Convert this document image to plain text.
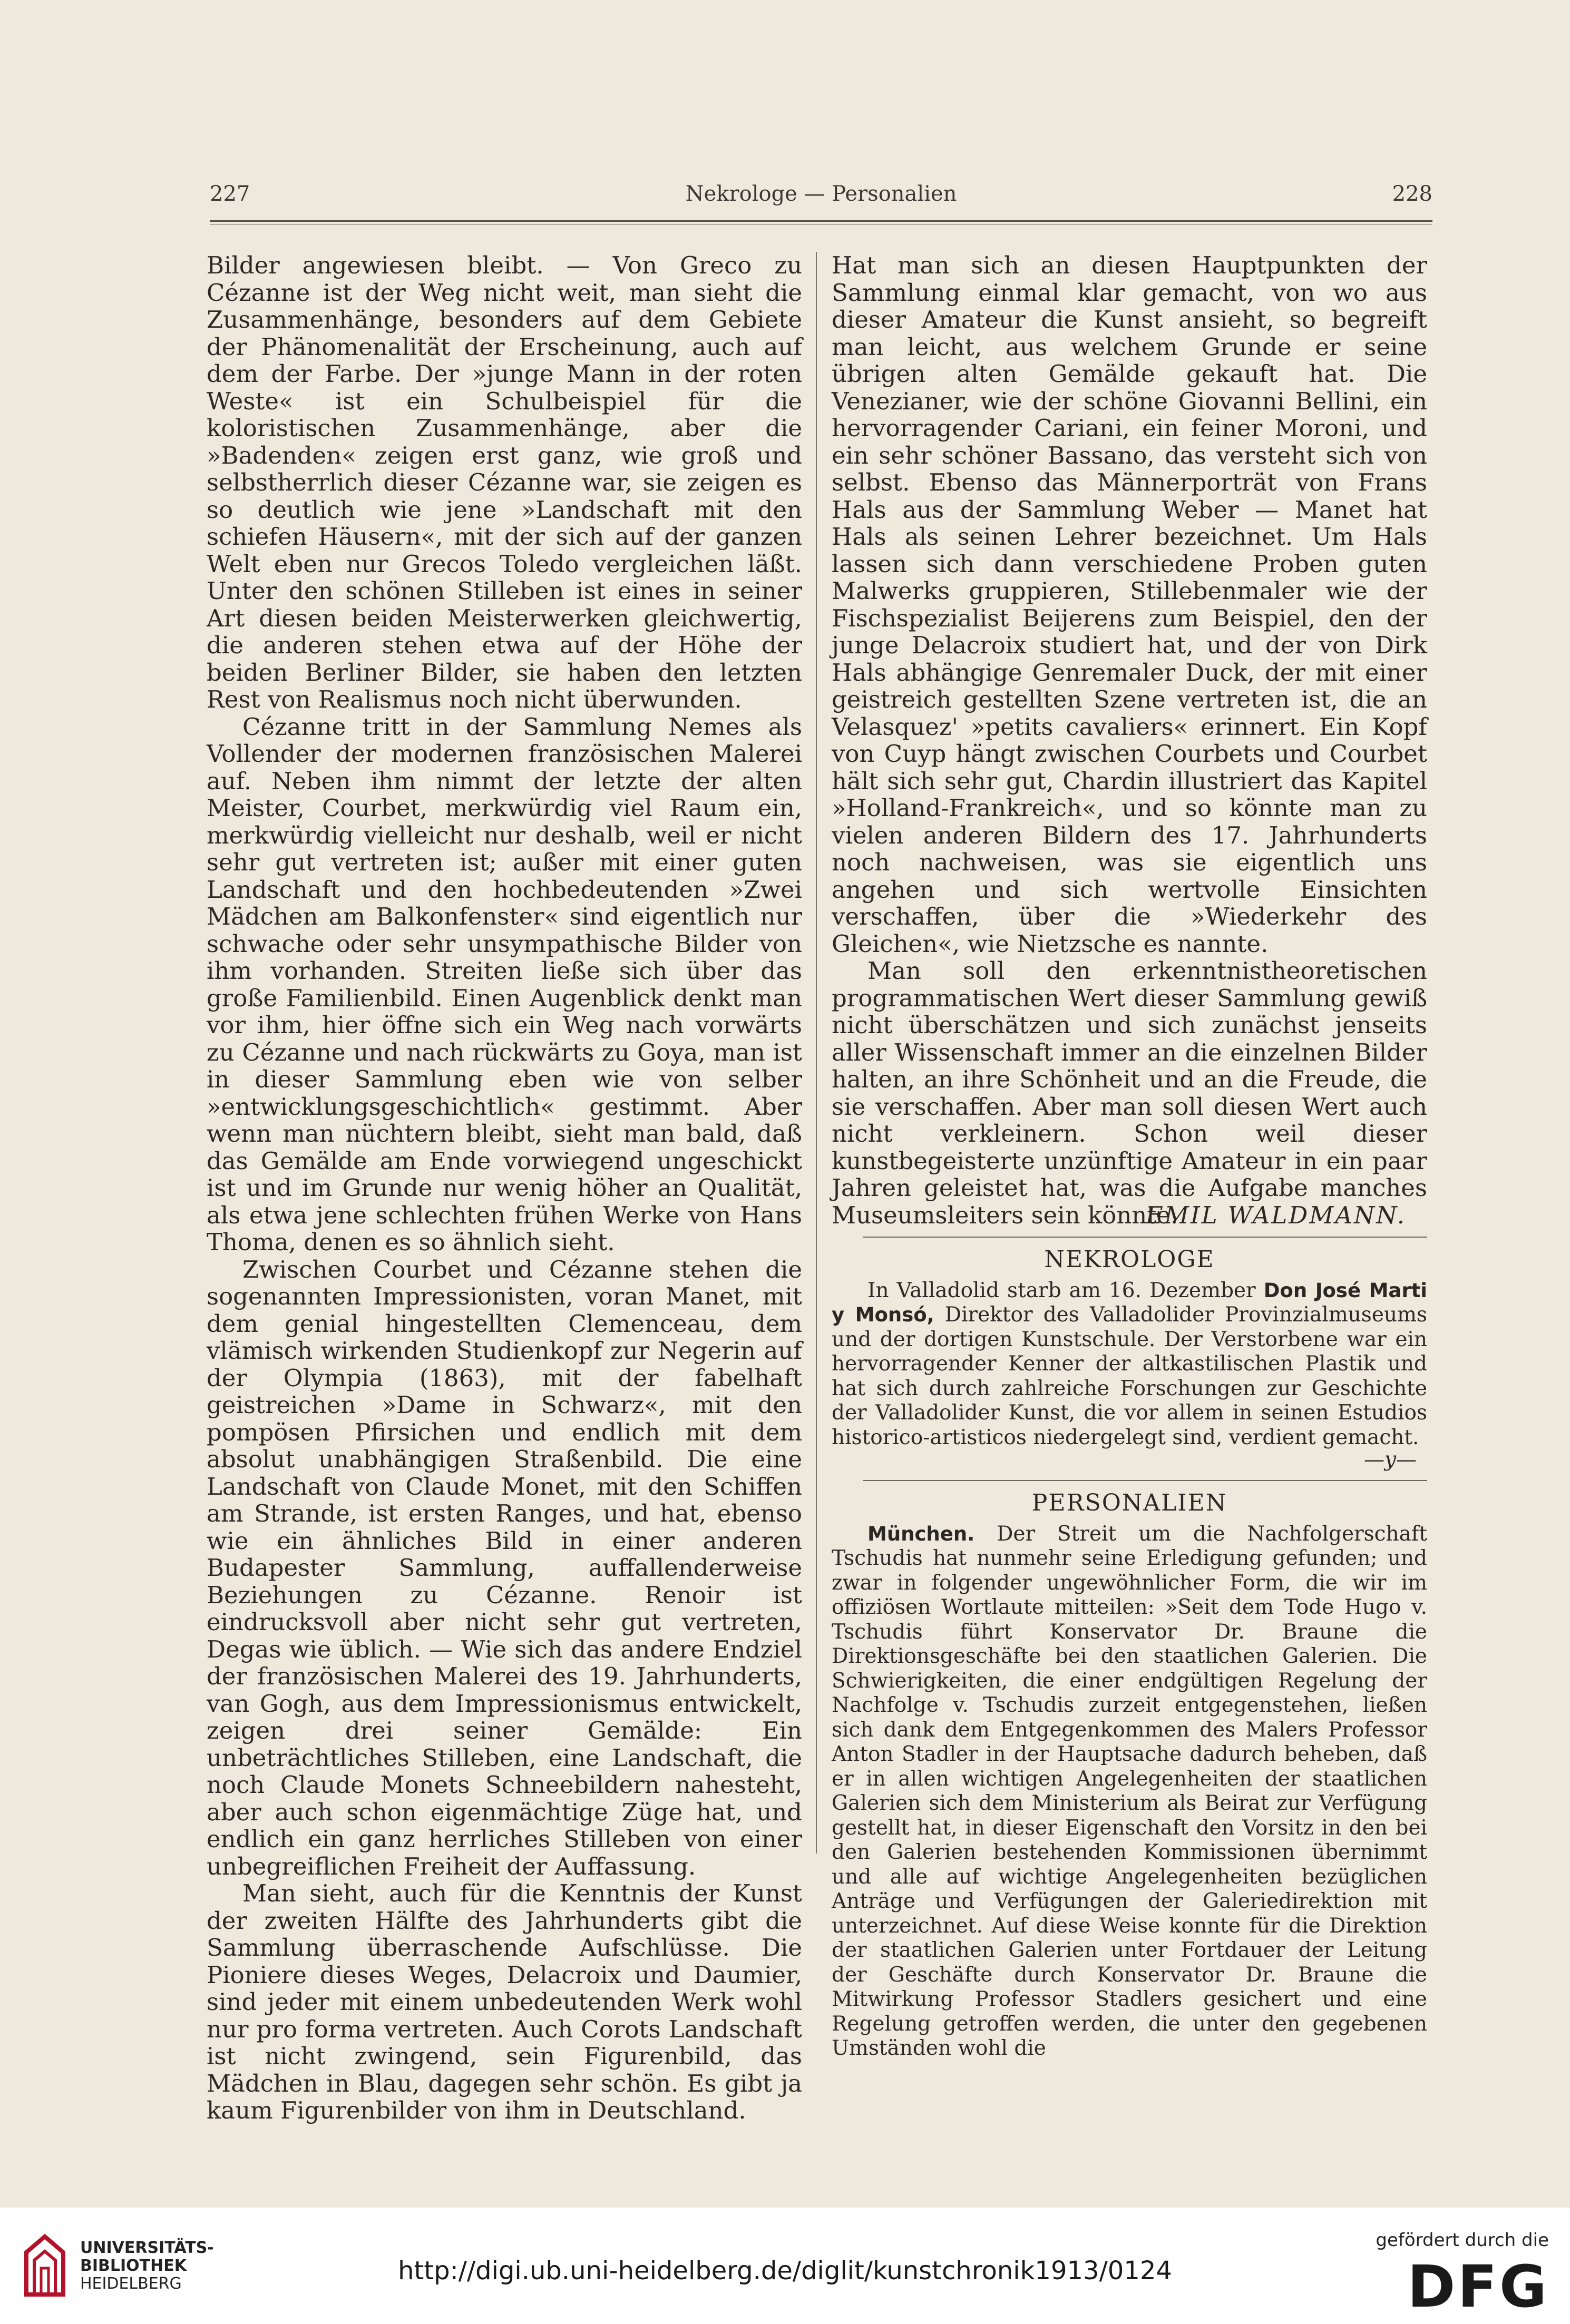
227	Nekrologe — Personalien	228

Bilder angewiesen bleibt. — Von Greco zu Cézanne ist der Weg nicht weit, man sieht die Zusammenhänge, besonders auf dem Gebiete der Phänomenalität der Erscheinung, auch auf dem der Farbe. Der »junge Mann in der roten Weste« ist ein Schulbeispiel für die koloristischen Zusammenhänge, aber die »Badenden« zeigen erst ganz, wie groß und selbstherrlich dieser Cézanne war, sie zeigen es so deutlich wie jene »Landschaft mit den schiefen Häusern«, mit der sich auf der ganzen Welt eben nur Grecos Toledo vergleichen läßt. Unter den schönen Stilleben ist eines in seiner Art diesen beiden Meisterwerken gleichwertig, die anderen stehen etwa auf der Höhe der beiden Berliner Bilder, sie haben den letzten Rest von Realismus noch nicht überwunden.

Cézanne tritt in der Sammlung Nemes als Vollender der modernen französischen Malerei auf. Neben ihm nimmt der letzte der alten Meister, Courbet, merkwürdig viel Raum ein, merkwürdig vielleicht nur deshalb, weil er nicht sehr gut vertreten ist; außer mit einer guten Landschaft und den hochbedeutenden »Zwei Mädchen am Balkonfenster« sind eigentlich nur schwache oder sehr unsympathische Bilder von ihm vorhanden. Streiten ließe sich über das große Familienbild. Einen Augenblick denkt man vor ihm, hier öffne sich ein Weg nach vorwärts zu Cézanne und nach rückwärts zu Goya, man ist in dieser Sammlung eben wie von selber »entwicklungsgeschichtlich« gestimmt. Aber wenn man nüchtern bleibt, sieht man bald, daß das Gemälde am Ende vorwiegend ungeschickt ist und im Grunde nur wenig höher an Qualität, als etwa jene schlechten frühen Werke von Hans Thoma, denen es so ähnlich sieht.

Zwischen Courbet und Cézanne stehen die sogenannten Impressionisten, voran Manet, mit dem genial hingestellten Clemenceau, dem vlämisch wirkenden Studienkopf zur Negerin auf der Olympia (1863), mit der fabelhaft geistreichen »Dame in Schwarz«, mit den pompösen Pfirsichen und endlich mit dem absolut unabhängigen Straßenbild. Die eine Landschaft von Claude Monet, mit den Schiffen am Strande, ist ersten Ranges, und hat, ebenso wie ein ähnliches Bild in einer anderen Budapester Sammlung, auffallenderweise Beziehungen zu Cézanne. Renoir ist eindrucksvoll aber nicht sehr gut vertreten, Degas wie üblich. — Wie sich das andere Endziel der französischen Malerei des 19. Jahrhunderts, van Gogh, aus dem Impressionismus entwickelt, zeigen drei seiner Gemälde: Ein unbeträchtliches Stilleben, eine Landschaft, die noch Claude Monets Schneebildern nahesteht, aber auch schon eigenmächtige Züge hat, und endlich ein ganz herrliches Stilleben von einer unbegreiflichen Freiheit der Auffassung.

Man sieht, auch für die Kenntnis der Kunst der zweiten Hälfte des Jahrhunderts gibt die Sammlung überraschende Aufschlüsse. Die Pioniere dieses Weges, Delacroix und Daumier, sind jeder mit einem unbedeutenden Werk wohl nur pro forma vertreten. Auch Corots Landschaft ist nicht zwingend, sein Figurenbild, das Mädchen in Blau, dagegen sehr schön. Es gibt ja kaum Figurenbilder von ihm in Deutschland.

Hat man sich an diesen Hauptpunkten der Sammlung einmal klar gemacht, von wo aus dieser Amateur die Kunst ansieht, so begreift man leicht, aus welchem Grunde er seine übrigen alten Gemälde gekauft hat. Die Venezianer, wie der schöne Giovanni Bellini, ein hervorragender Cariani, ein feiner Moroni, und ein sehr schöner Bassano, das versteht sich von selbst. Ebenso das Männerporträt von Frans Hals aus der Sammlung Weber — Manet hat Hals als seinen Lehrer bezeichnet. Um Hals lassen sich dann verschiedene Proben guten Malwerks gruppieren, Stillebenmaler wie der Fischspezialist Beijerens zum Beispiel, den der junge Delacroix studiert hat, und der von Dirk Hals abhängige Genremaler Duck, der mit einer geistreich gestellten Szene vertreten ist, die an Velasquez' »petits cavaliers« erinnert. Ein Kopf von Cuyp hängt zwischen Courbets und Courbet hält sich sehr gut, Chardin illustriert das Kapitel »Holland-Frankreich«, und so könnte man zu vielen anderen Bildern des 17. Jahrhunderts noch nachweisen, was sie eigentlich uns angehen und sich wertvolle Einsichten verschaffen, über die »Wiederkehr des Gleichen«, wie Nietzsche es nannte.

Man soll den erkenntnistheoretischen programmatischen Wert dieser Sammlung gewiß nicht überschätzen und sich zunächst jenseits aller Wissenschaft immer an die einzelnen Bilder halten, an ihre Schönheit und an die Freude, die sie verschaffen. Aber man soll diesen Wert auch nicht verkleinern. Schon weil dieser kunstbegeisterte unzünftige Amateur in ein paar Jahren geleistet hat, was die Aufgabe manches Museumsleiters sein könnte.

EMIL WALDMANN.
NEKROLOGE

In Valladolid starb am 16. Dezember Don José Marti y Monsó, Direktor des Valladolider Provinzialmuseums und der dortigen Kunstschule. Der Verstorbene war ein hervorragender Kenner der altkastilischen Plastik und hat sich durch zahlreiche Forschungen zur Geschichte der Valladolider Kunst, die vor allem in seinen Estudios historico-artisticos niedergelegt sind, verdient gemacht.

—y—
PERSONALIEN

München. Der Streit um die Nachfolgerschaft Tschudis hat nunmehr seine Erledigung gefunden; und zwar in folgender ungewöhnlicher Form, die wir im offiziösen Wortlaute mitteilen: »Seit dem Tode Hugo v. Tschudis führt Konservator Dr. Braune die Direktionsgeschäfte bei den staatlichen Galerien. Die Schwierigkeiten, die einer endgültigen Regelung der Nachfolge v. Tschudis zurzeit entgegenstehen, ließen sich dank dem Entgegenkommen des Malers Professor Anton Stadler in der Hauptsache dadurch beheben, daß er in allen wichtigen Angelegenheiten der staatlichen Galerien sich dem Ministerium als Beirat zur Verfügung gestellt hat, in dieser Eigenschaft den Vorsitz in den bei den Galerien bestehenden Kommissionen übernimmt und alle auf wichtige Angelegenheiten bezüglichen Anträge und Verfügungen der Galeriedirektion mit unterzeichnet. Auf diese Weise konnte für die Direktion der staatlichen Galerien unter Fortdauer der Leitung der Geschäfte durch Konservator Dr. Braune die Mitwirkung Professor Stadlers gesichert und eine Regelung getroffen werden, die unter den gegebenen Umständen wohl die

UNIVERSITÄTS-
BIBLIOTHEK
HEIDELBERG	http://digi.ub.uni-heidelberg.de/diglit/kunstchronik1913/0124
gefördert durch die
DFG
